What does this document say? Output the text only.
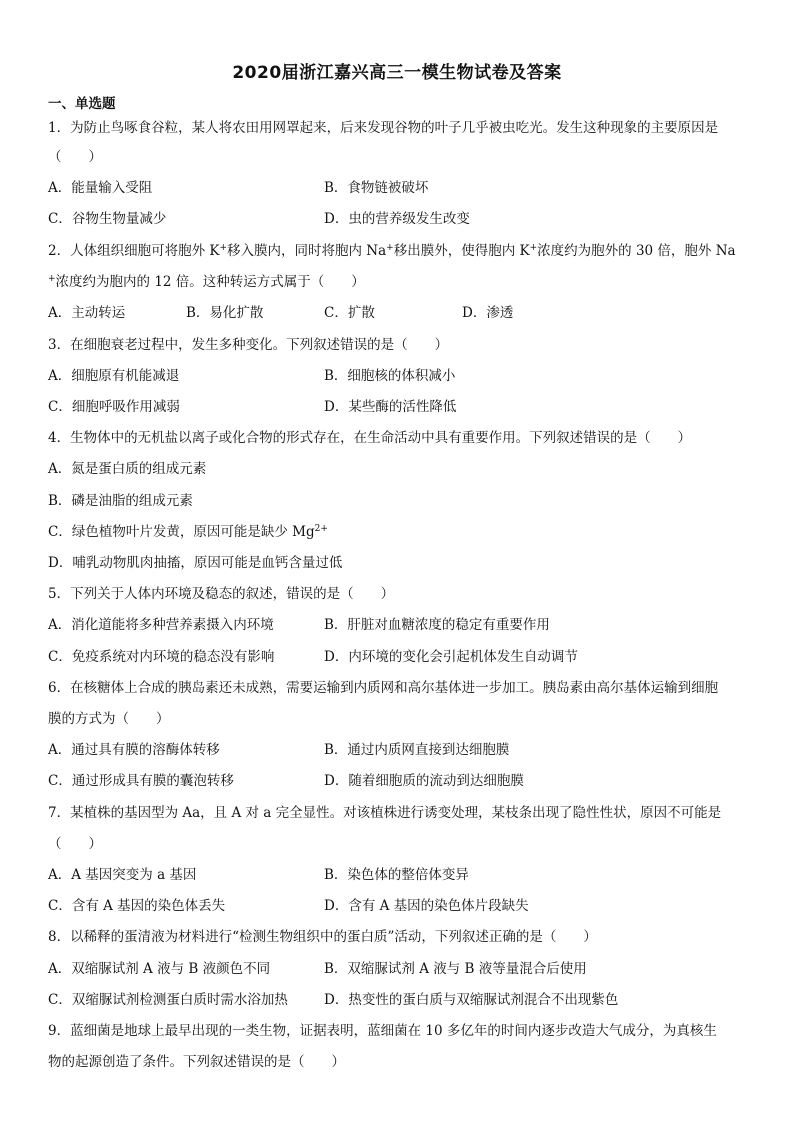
2020届浙江嘉兴高三一模生物试卷及答案
一、单选题
1．为防止鸟啄食谷粒，某人将农田用网罩起来，后来发现谷物的叶子几乎被虫吃光。发生这种现象的主要原因是
（　　）
A．能量输入受阻	B．食物链被破坏
C．谷物生物量减少	D．虫的营养级发生改变
2．人体组织细胞可将胞外 K+移入膜内，同时将胞内 Na+移出膜外，使得胞内 K+浓度约为胞外的 30 倍，胞外 Na
+浓度约为胞内的 12 倍。这种转运方式属于（　　）
A．主动转运	B．易化扩散	C．扩散	D．渗透
3．在细胞衰老过程中，发生多种变化。下列叙述错误的是（　　）
A．细胞原有机能减退	B．细胞核的体积减小
C．细胞呼吸作用减弱	D．某些酶的活性降低
4．生物体中的无机盐以离子或化合物的形式存在，在生命活动中具有重要作用。下列叙述错误的是（　　）
A．氮是蛋白质的组成元素
B．磷是油脂的组成元素
C．绿色植物叶片发黄，原因可能是缺少 $Mg^{2+}$
D．哺乳动物肌肉抽搐，原因可能是血钙含量过低
5．下列关于人体内环境及稳态的叙述，错误的是（　　）
A．消化道能将多种营养素摄入内环境	B．肝脏对血糖浓度的稳定有重要作用
C．免疫系统对内环境的稳态没有影响	D．内环境的变化会引起机体发生自动调节
6．在核糖体上合成的胰岛素还未成熟，需要运输到内质网和高尔基体进一步加工。胰岛素由高尔基体运输到细胞
膜的方式为（　　）
A．通过具有膜的溶酶体转移	B．通过内质网直接到达细胞膜
C．通过形成具有膜的囊泡转移	D．随着细胞质的流动到达细胞膜
7．某植株的基因型为 Aa，且 A 对 a 完全显性。对该植株进行诱变处理，某枝条出现了隐性性状，原因不可能是
（　　）
A．A 基因突变为 a 基因	B．染色体的整倍体变异
C．含有 A 基因的染色体丢失	D．含有 A 基因的染色体片段缺失
8．以稀释的蛋清液为材料进行“检测生物组织中的蛋白质”活动，下列叙述正确的是（　　）
A．双缩脲试剂 A 液与 B 液颜色不同	B．双缩脲试剂 A 液与 B 液等量混合后使用
C．双缩脲试剂检测蛋白质时需水浴加热	D．热变性的蛋白质与双缩脲试剂混合不出现紫色
9．蓝细菌是地球上最早出现的一类生物，证据表明，蓝细菌在 10 多亿年的时间内逐步改造大气成分，为真核生
物的起源创造了条件。下列叙述错误的是（　　）
